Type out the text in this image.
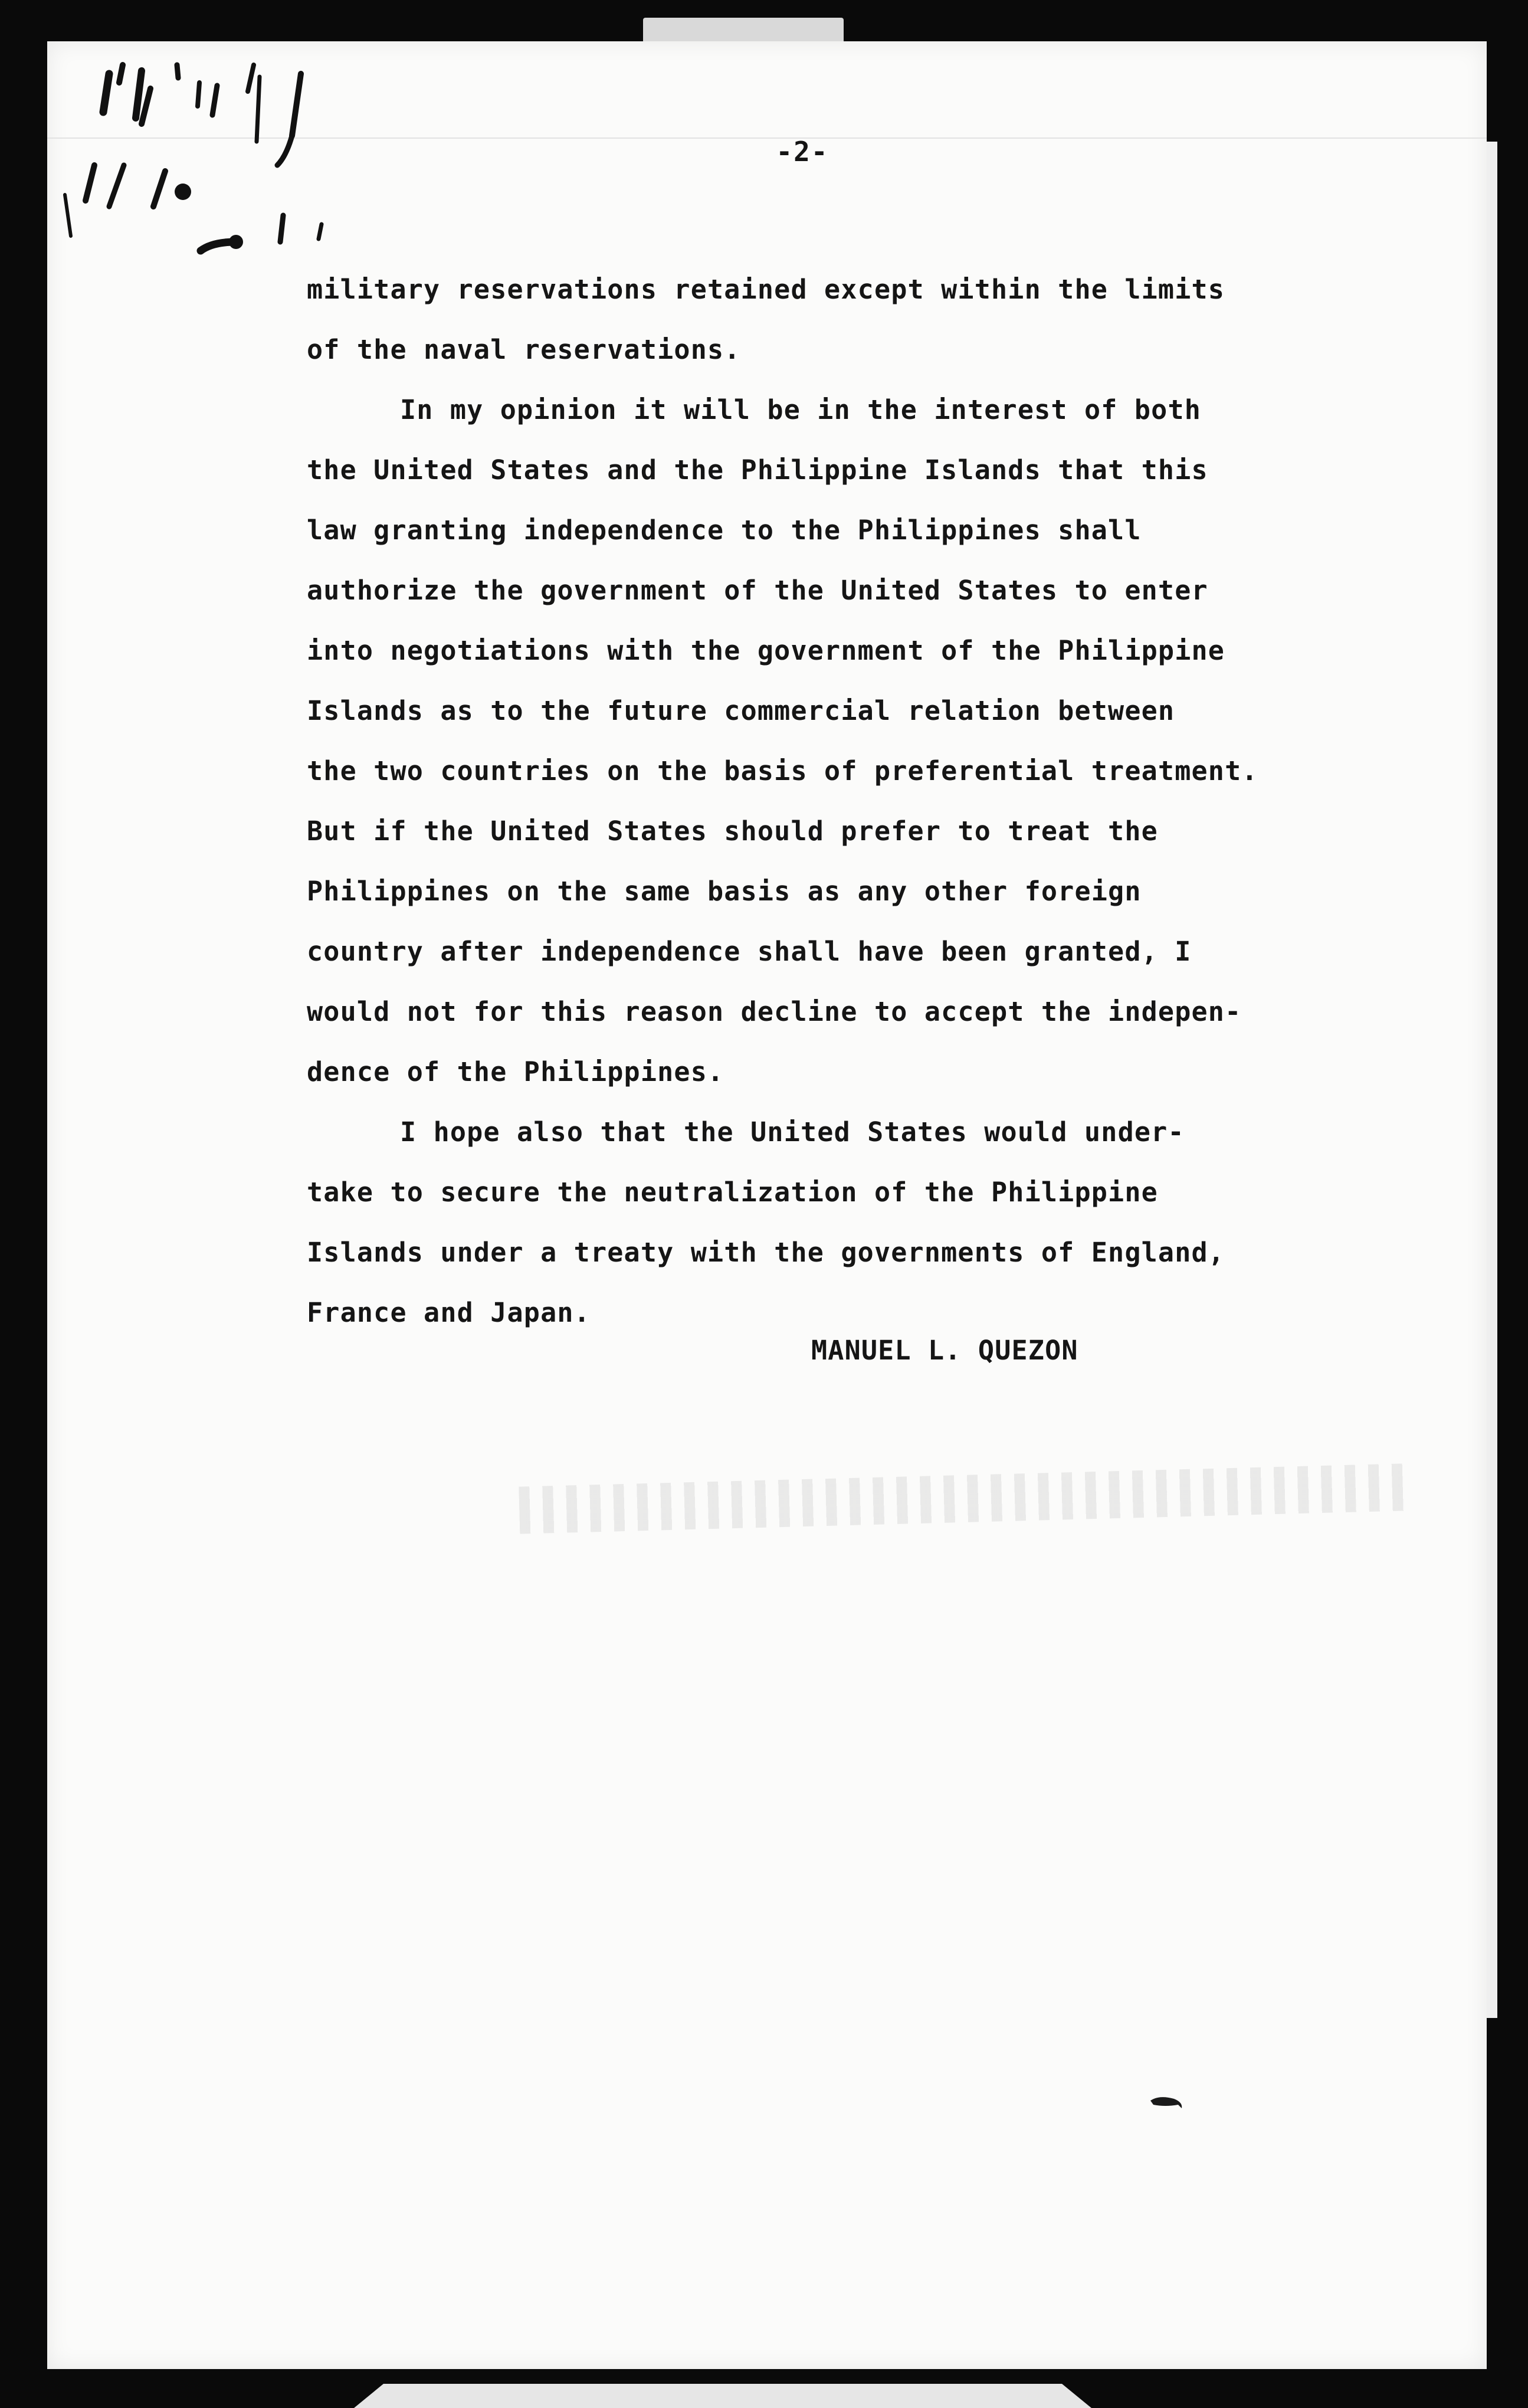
-2-
military reservations retained except within the limits
of the naval reservations.
In my opinion it will be in the interest of both
the United States and the Philippine Islands that this
law granting independence to the Philippines shall
authorize the government of the United States to enter
into negotiations with the government of the Philippine
Islands as to the future commercial relation between
the two countries on the basis of preferential treatment.
But if the United States should prefer to treat the
Philippines on the same basis as any other foreign
country after independence shall have been granted, I
would not for this reason decline to accept the indepen-
dence of the Philippines.
I hope also that the United States would under-
take to secure the neutralization of the Philippine
Islands under a treaty with the governments of England,
France and Japan.
MANUEL L. QUEZON
